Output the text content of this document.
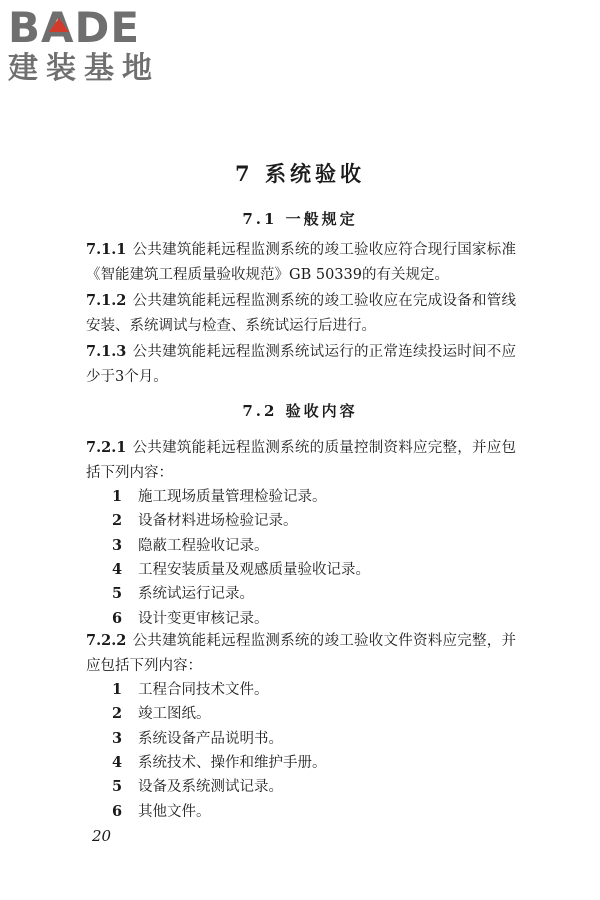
BADE
建装基地
7 系统验收
7.1 一般规定
7.1.1 公共建筑能耗远程监测系统的竣工验收应符合现行国家标准《智能建筑工程质量验收规范》GB 50339的有关规定。
7.1.2 公共建筑能耗远程监测系统的竣工验收应在完成设备和管线安装、系统调试与检查、系统试运行后进行。
7.1.3 公共建筑能耗远程监测系统试运行的正常连续投运时间不应少于3个月。
7.2 验收内容
7.2.1 公共建筑能耗远程监测系统的质量控制资料应完整，并应包括下列内容：
1 施工现场质量管理检验记录。
2 设备材料进场检验记录。
3 隐蔽工程验收记录。
4 工程安装质量及观感质量验收记录。
5 系统试运行记录。
6 设计变更审核记录。
7.2.2 公共建筑能耗远程监测系统的竣工验收文件资料应完整，并应包括下列内容：
1 工程合同技术文件。
2 竣工图纸。
3 系统设备产品说明书。
4 系统技术、操作和维护手册。
5 设备及系统测试记录。
6 其他文件。
20
